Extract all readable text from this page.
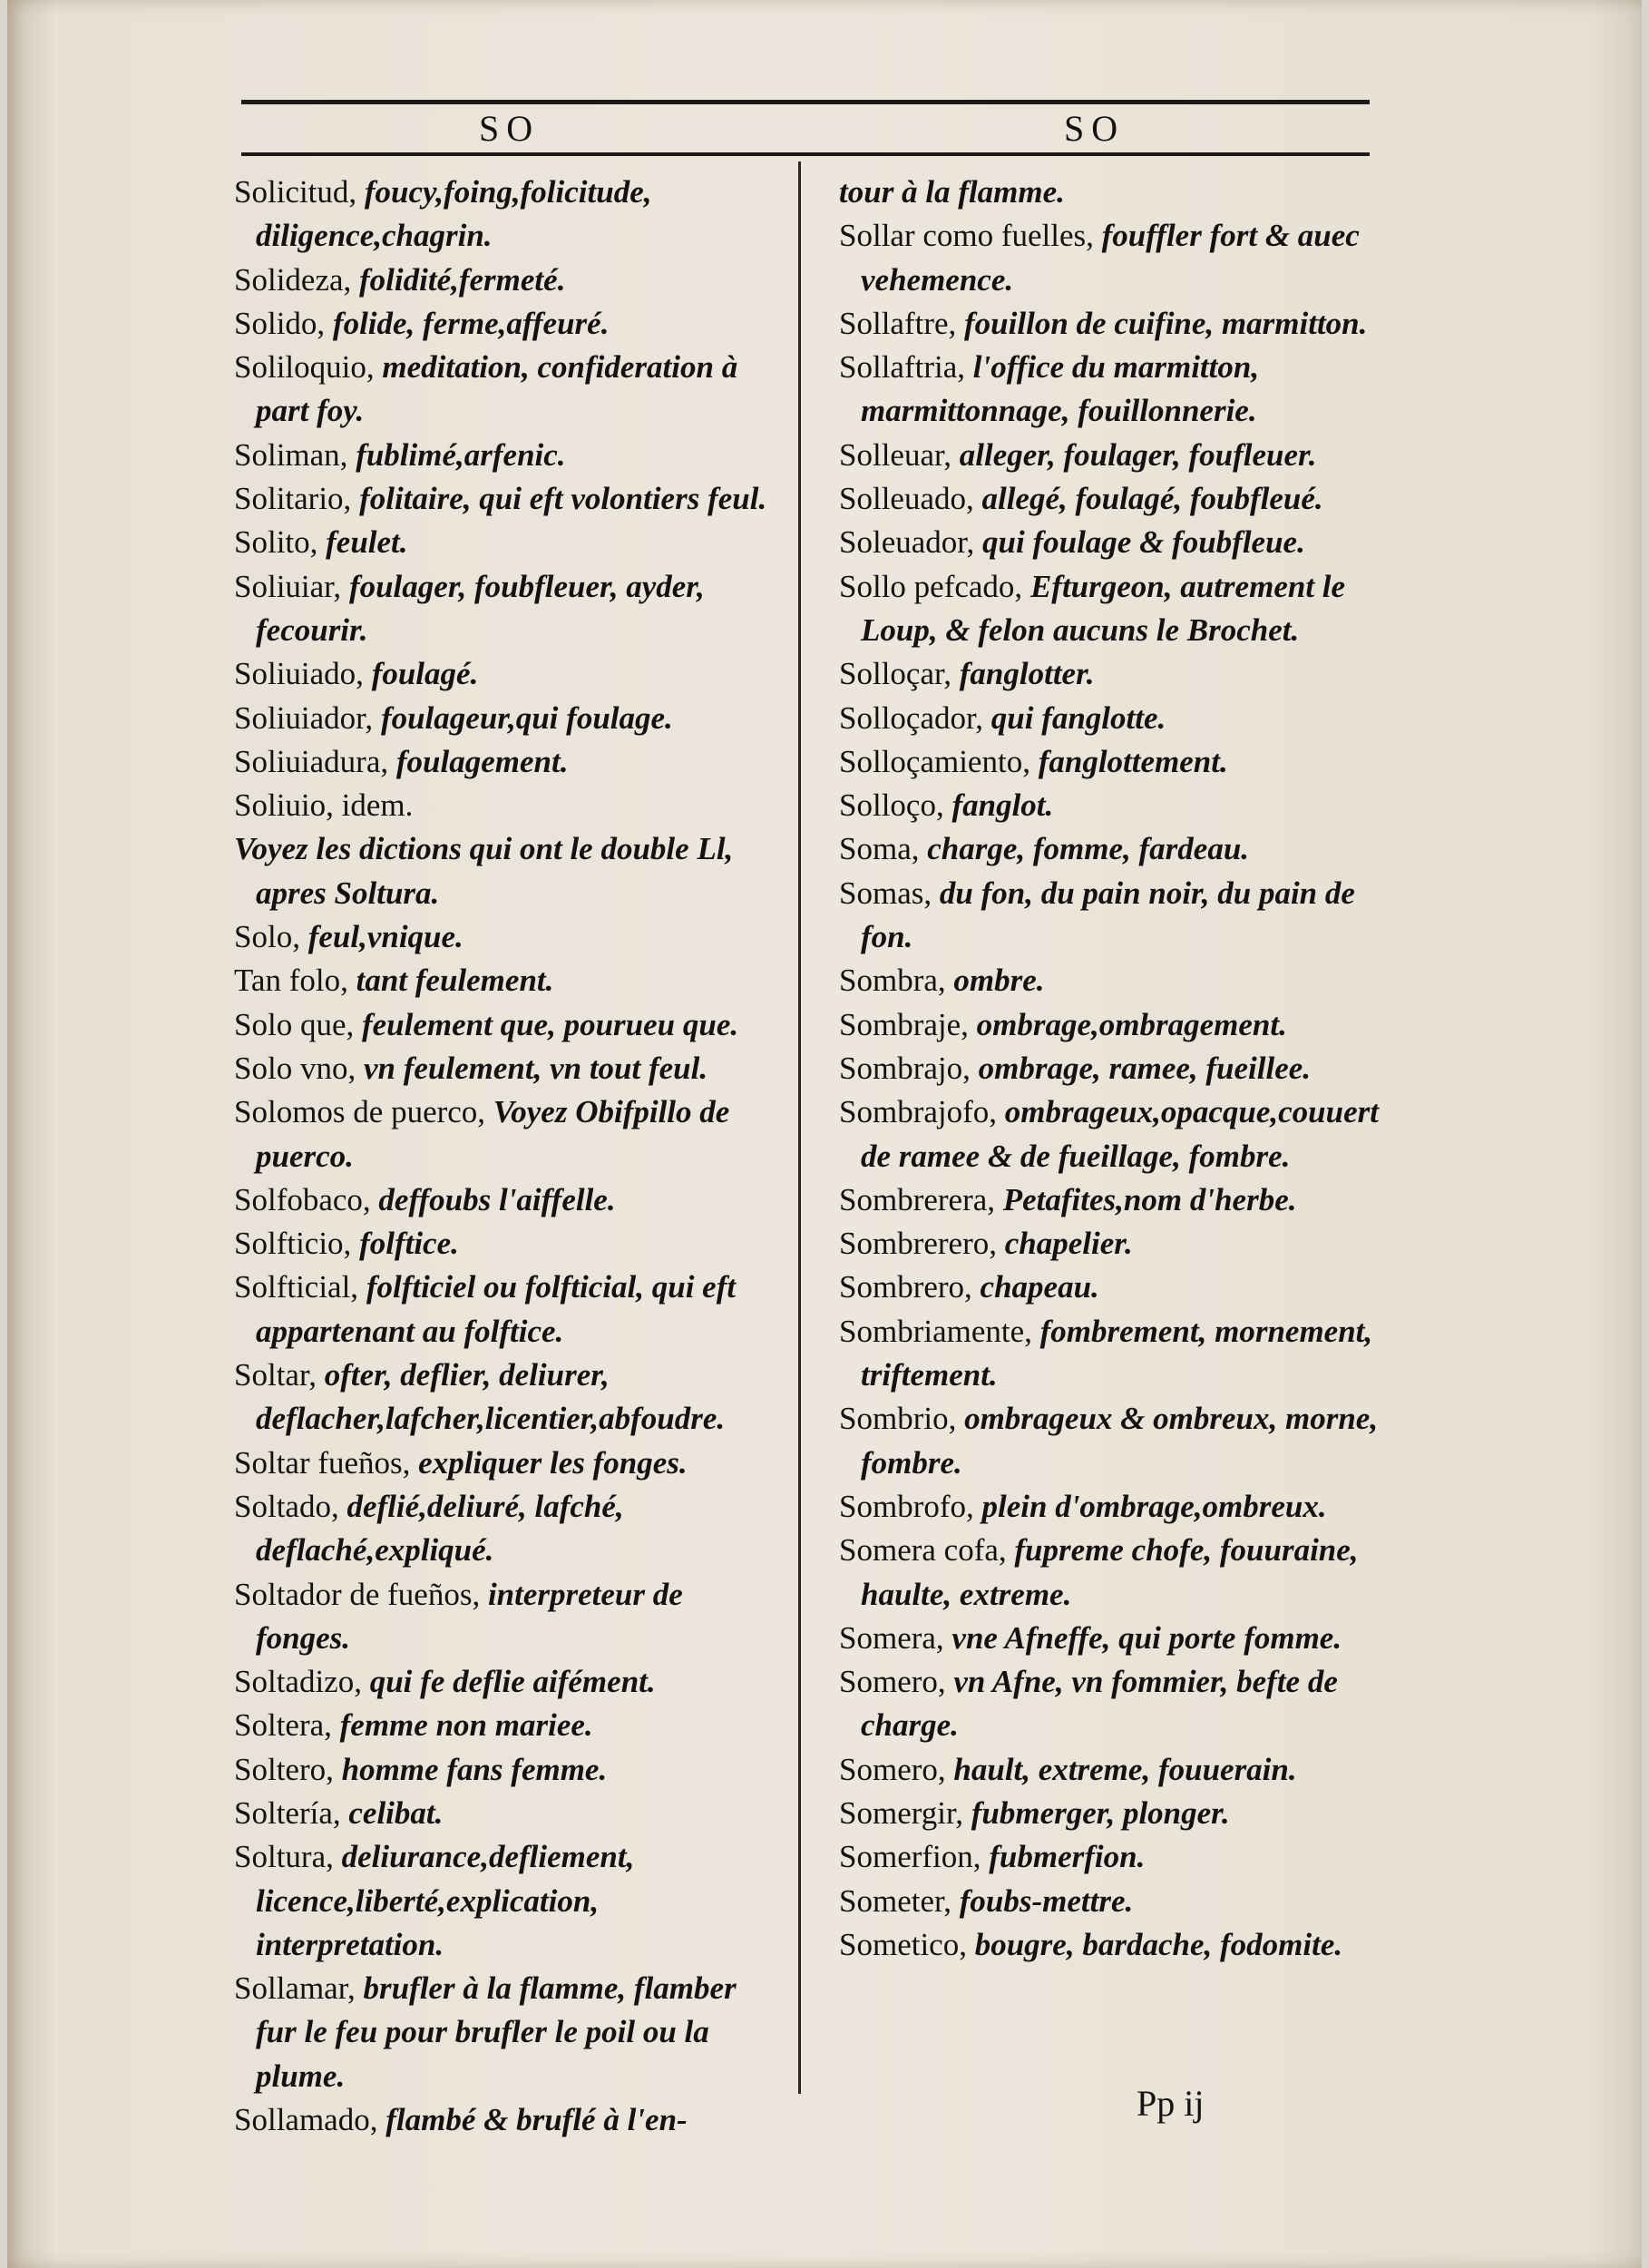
SO	SO

Solicitud, foucy,foing,folicitude, diligence,chagrin.

Solideza, folidité,fermeté.

Solido, folide, ferme,affeuré.

Soliloquio, meditation, confideration à part foy.

Soliman, fublimé,arfenic.

Solitario, folitaire, qui eft volontiers feul.

Solito, feulet.

Soliuiar, foulager, foubfleuer, ayder, fecourir.

Soliuiado, foulagé.

Soliuiador, foulageur,qui foulage.

Soliuiadura, foulagement.

Soliuio, idem.

Voyez les dictions qui ont le double Ll, apres Soltura.

Solo, feul,vnique.

Tan folo, tant feulement.

Solo que, feulement que, pourueu que.

Solo vno, vn feulement, vn tout feul.

Solomos de puerco, Voyez Obifpillo de puerco.

Solfobaco, deffoubs l'aiffelle.

Solfticio, folftice.

Solfticial, folfticiel ou folfticial, qui eft appartenant au folftice.

Soltar, ofter, deflier, deliurer, deflacher,lafcher,licentier,abfoudre.

Soltar fueños, expliquer les fonges.

Soltado, deflié,deliuré, lafché, deflaché,expliqué.

Soltador de fueños, interpreteur de fonges.

Soltadizo, qui fe deflie aifément.

Soltera, femme non mariee.

Soltero, homme fans femme.

Soltería, celibat.

Soltura, deliurance,defliement, licence,liberté,explication, interpretation.

Sollamar, brufler à la flamme, flamber fur le feu pour brufler le poil ou la plume.

Sollamado, flambé & bruflé à l'en-

tour à la flamme.

Sollar como fuelles, fouffler fort & auec vehemence.

Sollaftre, fouillon de cuifine, marmitton.

Sollaftria, l'office du marmitton, marmittonnage, fouillonnerie.

Solleuar, alleger, foulager, foufleuer.

Solleuado, allegé, foulagé, foubfleué.

Soleuador, qui foulage & foubfleue.

Sollo pefcado, Efturgeon, autrement le Loup, & felon aucuns le Brochet.

Solloçar, fanglotter.

Solloçador, qui fanglotte.

Solloçamiento, fanglottement.

Solloço, fanglot.

Soma, charge, fomme, fardeau.

Somas, du fon, du pain noir, du pain de fon.

Sombra, ombre.

Sombraje, ombrage,ombragement.

Sombrajo, ombrage, ramee, fueillee.

Sombrajofo, ombrageux,opacque,couuert de ramee & de fueillage, fombre.

Sombrerera, Petafites,nom d'herbe.

Sombrerero, chapelier.

Sombrero, chapeau.

Sombriamente, fombrement, mornement, triftement.

Sombrio, ombrageux & ombreux, morne, fombre.

Sombrofo, plein d'ombrage,ombreux.

Somera cofa, fupreme chofe, fouuraine, haulte, extreme.

Somera, vne Afneffe, qui porte fomme.

Somero, vn Afne, vn fommier, befte de charge.

Somero, hault, extreme, fouuerain.

Somergir, fubmerger, plonger.

Somerfion, fubmerfion.

Someter, foubs-mettre.

Sometico, bougre, bardache, fodomite.

Pp ij
